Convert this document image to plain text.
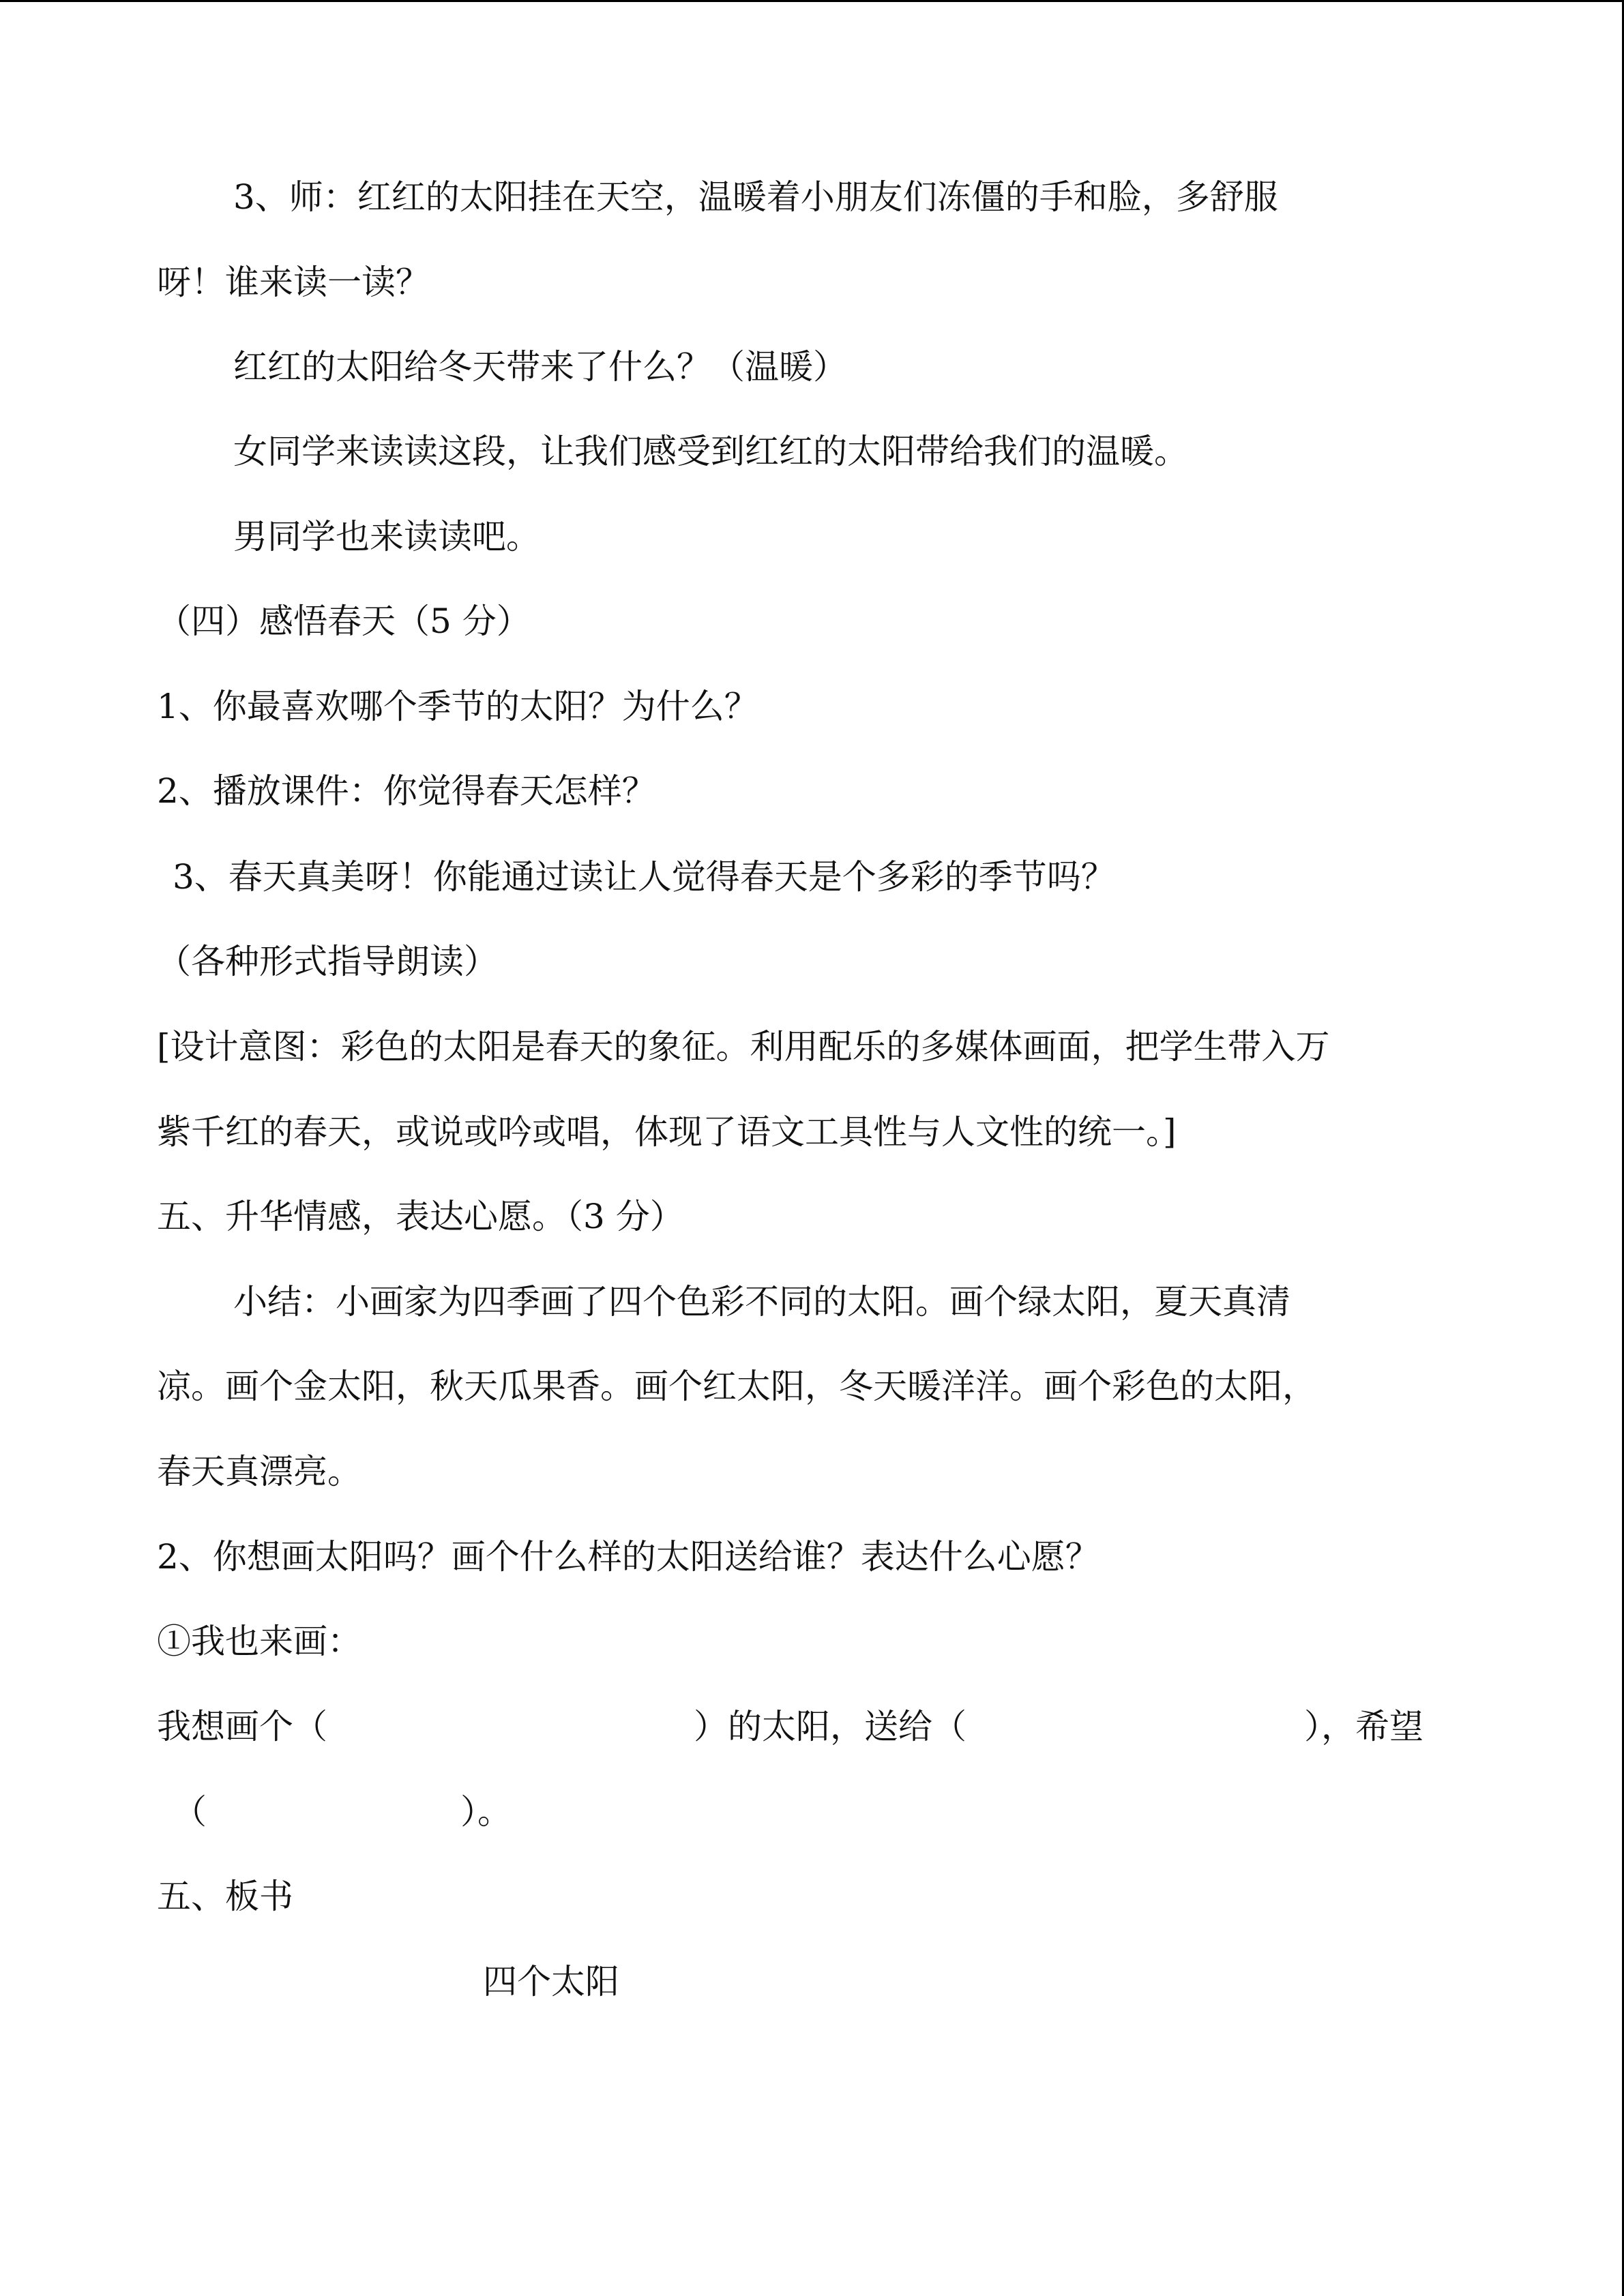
3、师：红红的太阳挂在天空，温暖着小朋友们冻僵的手和脸，多舒服
呀！谁来读一读？
红红的太阳给冬天带来了什么？（温暖）
女同学来读读这段，让我们感受到红红的太阳带给我们的温暖。
男同学也来读读吧。
（四）感悟春天（5 分）
1、你最喜欢哪个季节的太阳？为什么？
2、播放课件：你觉得春天怎样？
3、春天真美呀！你能通过读让人觉得春天是个多彩的季节吗？
（各种形式指导朗读）
[设计意图：彩色的太阳是春天的象征。利用配乐的多媒体画面，把学生带入万
紫千红的春天，或说或吟或唱，体现了语文工具性与人文性的统一。]
五、升华情感，表达心愿。（3 分）
小结：小画家为四季画了四个色彩不同的太阳。画个绿太阳，夏天真清
凉。画个金太阳，秋天瓜果香。画个红太阳，冬天暖洋洋。画个彩色的太阳，
春天真漂亮。
2、你想画太阳吗？画个什么样的太阳送给谁？表达什么心愿？
①我也来画：
我想画个（	）的太阳，送给（	），希望
（	）。
五、板书
四个太阳
